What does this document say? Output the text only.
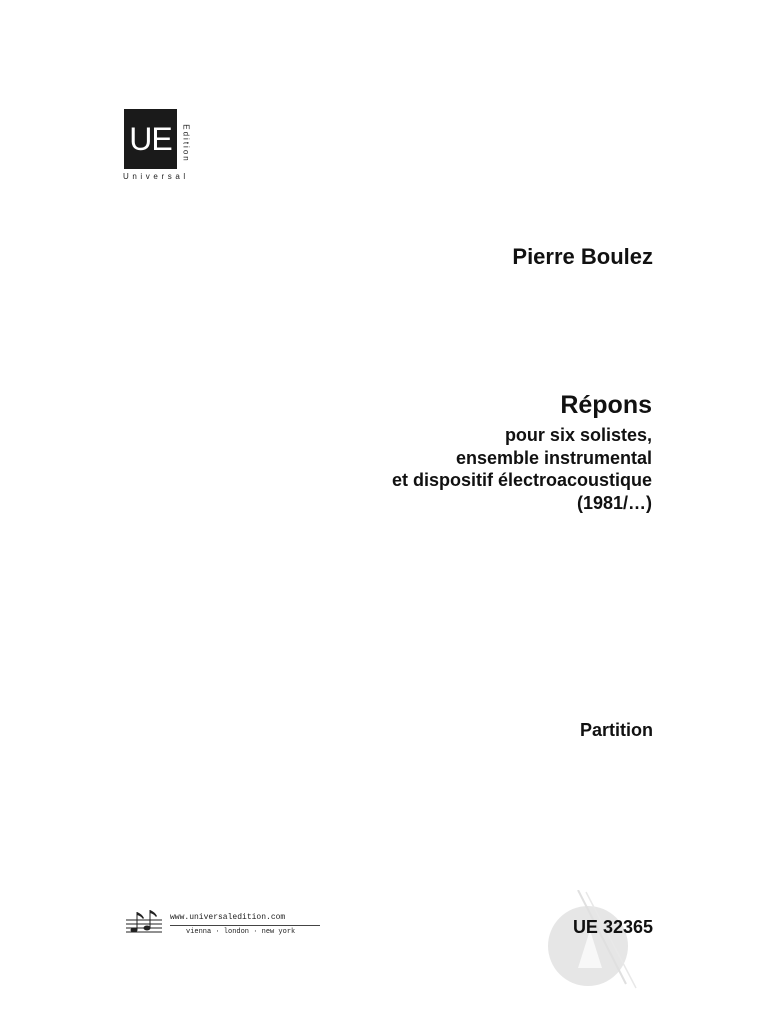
UE	Edition
Universal
Pierre Boulez
Répons
pour six solistes,
ensemble instrumental
et dispositif électroacoustique
(1981/…)
Partition
www.universaledition.com
vienna · london · new york	UE 32365
